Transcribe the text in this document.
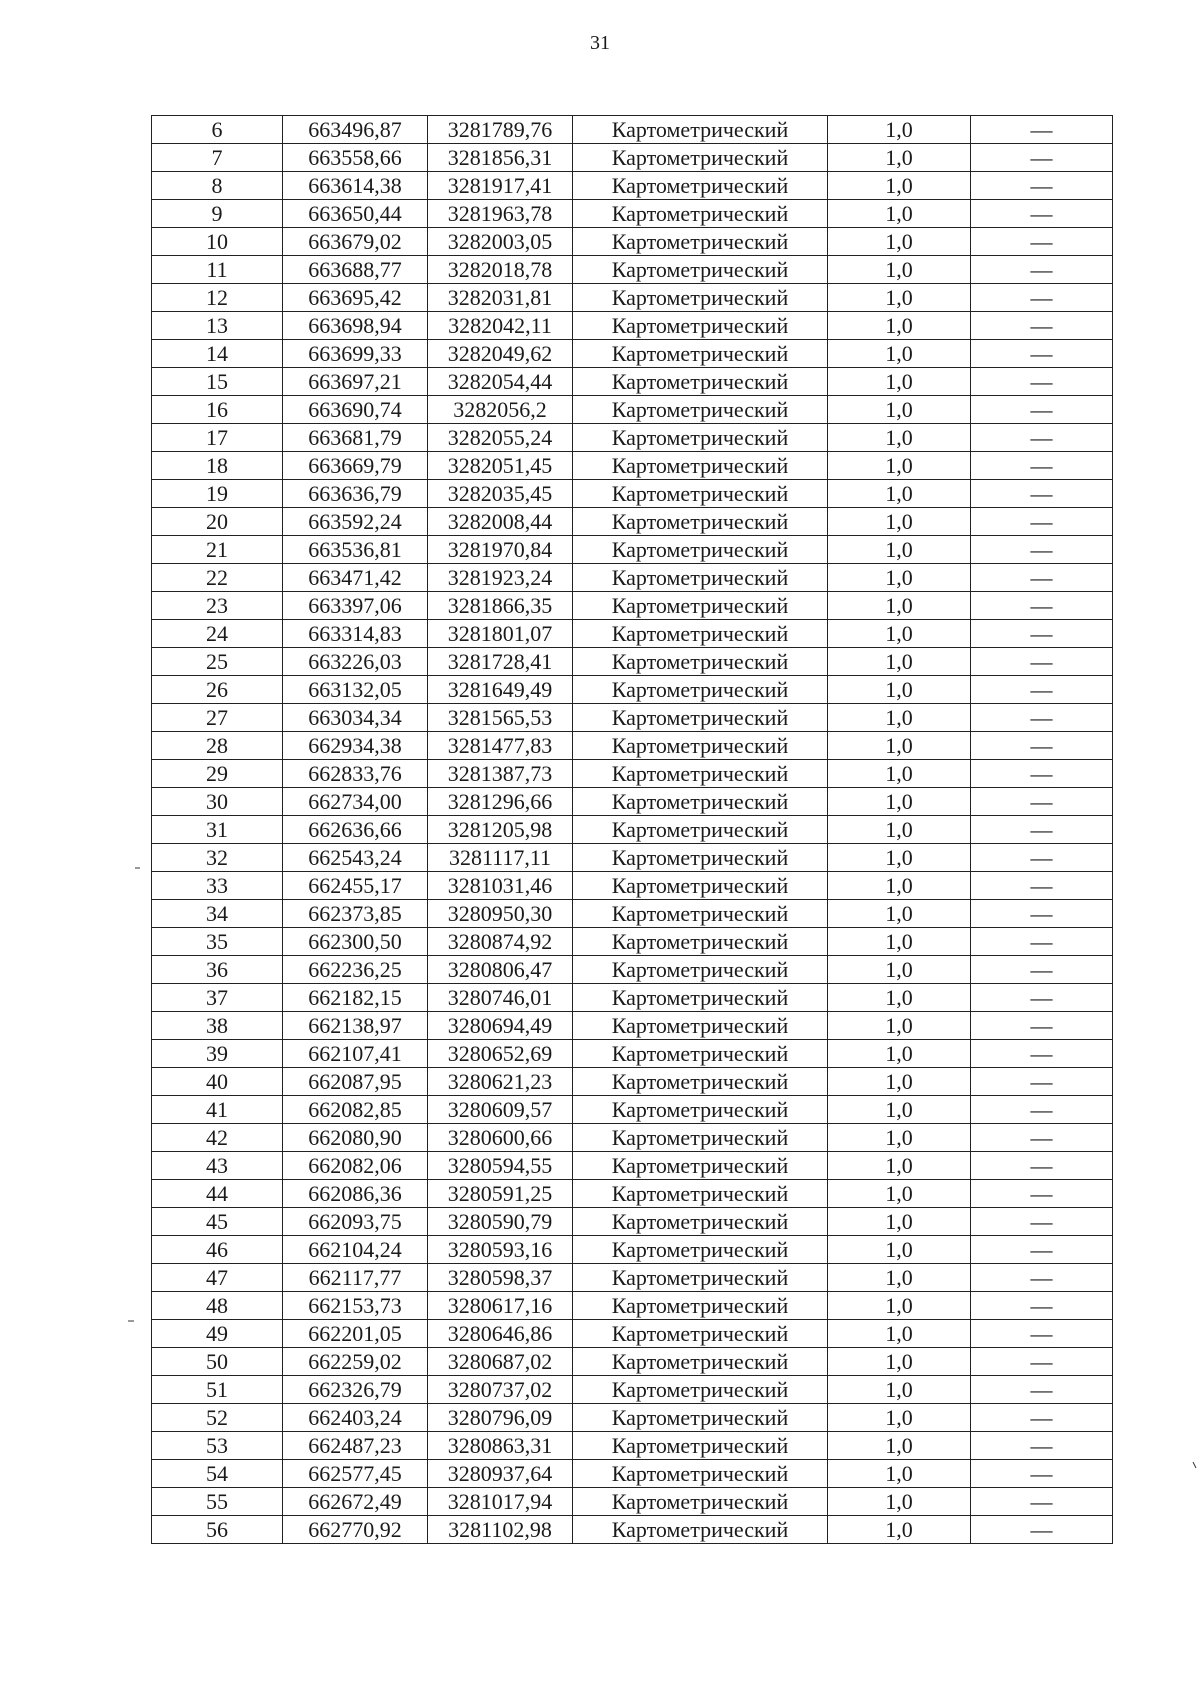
31
6	663496,87	3281789,76	Картометрический	1,0	—
7	663558,66	3281856,31	Картометрический	1,0	—
8	663614,38	3281917,41	Картометрический	1,0	—
9	663650,44	3281963,78	Картометрический	1,0	—
10	663679,02	3282003,05	Картометрический	1,0	—
11	663688,77	3282018,78	Картометрический	1,0	—
12	663695,42	3282031,81	Картометрический	1,0	—
13	663698,94	3282042,11	Картометрический	1,0	—
14	663699,33	3282049,62	Картометрический	1,0	—
15	663697,21	3282054,44	Картометрический	1,0	—
16	663690,74	3282056,2	Картометрический	1,0	—
17	663681,79	3282055,24	Картометрический	1,0	—
18	663669,79	3282051,45	Картометрический	1,0	—
19	663636,79	3282035,45	Картометрический	1,0	—
20	663592,24	3282008,44	Картометрический	1,0	—
21	663536,81	3281970,84	Картометрический	1,0	—
22	663471,42	3281923,24	Картометрический	1,0	—
23	663397,06	3281866,35	Картометрический	1,0	—
24	663314,83	3281801,07	Картометрический	1,0	—
25	663226,03	3281728,41	Картометрический	1,0	—
26	663132,05	3281649,49	Картометрический	1,0	—
27	663034,34	3281565,53	Картометрический	1,0	—
28	662934,38	3281477,83	Картометрический	1,0	—
29	662833,76	3281387,73	Картометрический	1,0	—
30	662734,00	3281296,66	Картометрический	1,0	—
31	662636,66	3281205,98	Картометрический	1,0	—
32	662543,24	3281117,11	Картометрический	1,0	—
33	662455,17	3281031,46	Картометрический	1,0	—
34	662373,85	3280950,30	Картометрический	1,0	—
35	662300,50	3280874,92	Картометрический	1,0	—
36	662236,25	3280806,47	Картометрический	1,0	—
37	662182,15	3280746,01	Картометрический	1,0	—
38	662138,97	3280694,49	Картометрический	1,0	—
39	662107,41	3280652,69	Картометрический	1,0	—
40	662087,95	3280621,23	Картометрический	1,0	—
41	662082,85	3280609,57	Картометрический	1,0	—
42	662080,90	3280600,66	Картометрический	1,0	—
43	662082,06	3280594,55	Картометрический	1,0	—
44	662086,36	3280591,25	Картометрический	1,0	—
45	662093,75	3280590,79	Картометрический	1,0	—
46	662104,24	3280593,16	Картометрический	1,0	—
47	662117,77	3280598,37	Картометрический	1,0	—
48	662153,73	3280617,16	Картометрический	1,0	—
49	662201,05	3280646,86	Картометрический	1,0	—
50	662259,02	3280687,02	Картометрический	1,0	—
51	662326,79	3280737,02	Картометрический	1,0	—
52	662403,24	3280796,09	Картометрический	1,0	—
53	662487,23	3280863,31	Картометрический	1,0	—
54	662577,45	3280937,64	Картометрический	1,0	—
55	662672,49	3281017,94	Картометрический	1,0	—
56	662770,92	3281102,98	Картометрический	1,0	—
